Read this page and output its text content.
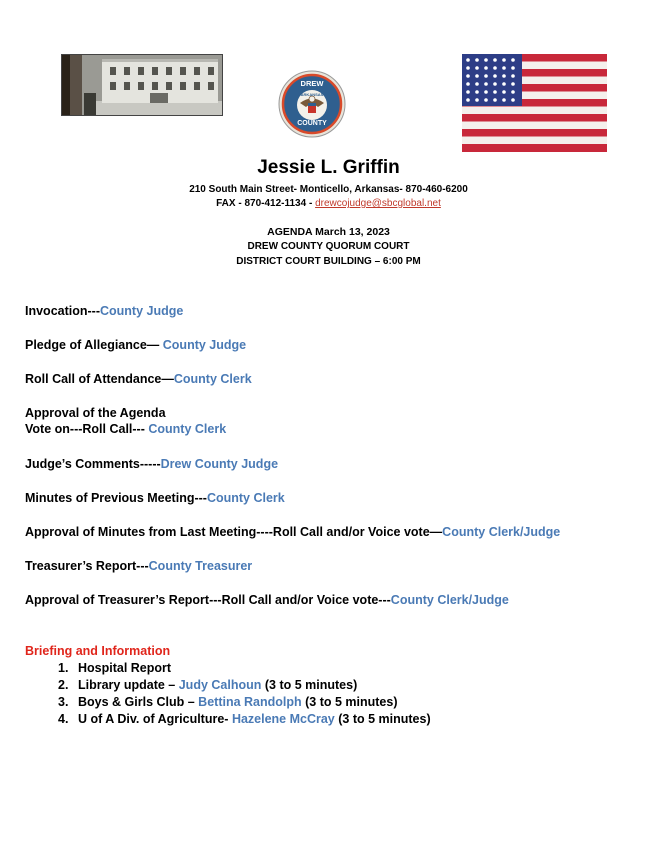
DREW
ARKANSAS
COUNTY
Jessie L. Griffin
210 South Main Street- Monticello, Arkansas- 870-460-6200
FAX - 870-412-1134 - drewcojudge@sbcglobal.net
AGENDA March 13, 2023
DREW COUNTY QUORUM COURT
DISTRICT COURT BUILDING – 6:00 PM
Invocation---County Judge
Pledge of Allegiance— County Judge
Roll Call of Attendance—County Clerk
Approval of the Agenda
Vote on---Roll Call--- County Clerk
Judge’s Comments-----Drew County Judge
Minutes of Previous Meeting---County Clerk
Approval of Minutes from Last Meeting----Roll Call and/or Voice vote—County Clerk/Judge
Treasurer’s Report---County Treasurer
Approval of Treasurer’s Report---Roll Call and/or Voice vote---County Clerk/Judge
Briefing and Information
1. Hospital Report
2. Library update – Judy Calhoun (3 to 5 minutes)
3. Boys & Girls Club – Bettina Randolph (3 to 5 minutes)
4. U of A Div. of Agriculture- Hazelene McCray (3 to 5 minutes)
